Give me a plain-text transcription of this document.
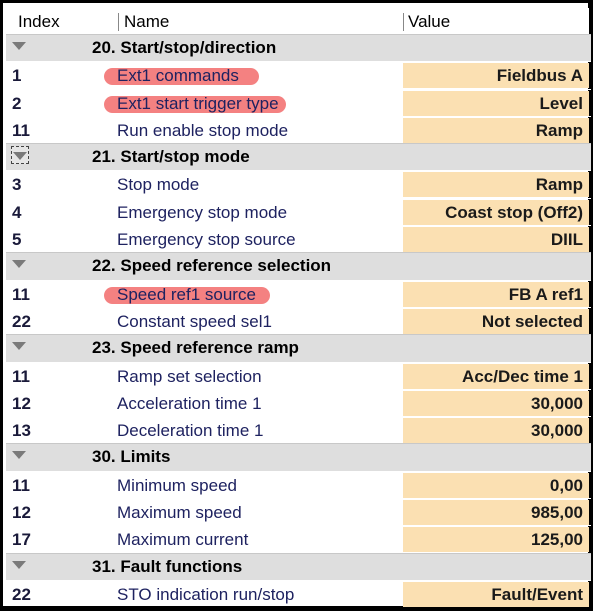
Index	Name	Value
20. Start/stop/direction
1	Ext1 commands	Fieldbus A
2	Ext1 start trigger type	Level
11	Run enable stop mode	Ramp
21. Start/stop mode
3	Stop mode	Ramp
4	Emergency stop mode	Coast stop (Off2)
5	Emergency stop source	DIIL
22. Speed reference selection
11	Speed ref1 source	FB A ref1
22	Constant speed sel1	Not selected
23. Speed reference ramp
11	Ramp set selection	Acc/Dec time 1
12	Acceleration time 1	30,000
13	Deceleration time 1	30,000
30. Limits
11	Minimum speed	0,00
12	Maximum speed	985,00
17	Maximum current	125,00
31. Fault functions
22	STO indication run/stop	Fault/Event
